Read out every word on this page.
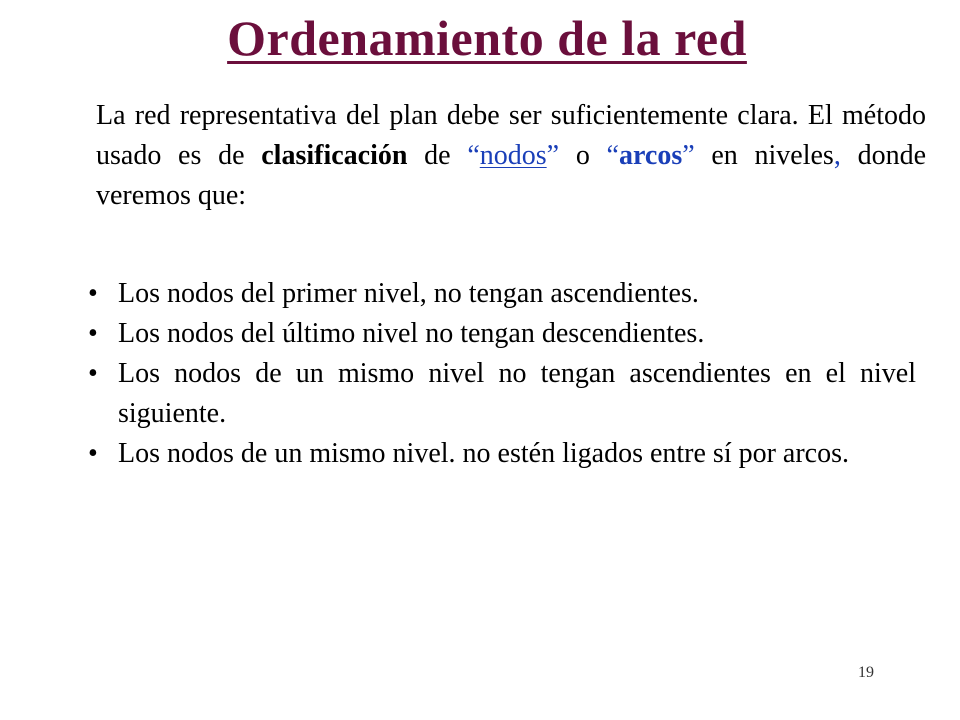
Ordenamiento de la red
La red representativa del plan debe ser suficientemente clara. El método usado es de clasificación de “nodos” o “arcos” en niveles, donde veremos que:
• Los nodos del primer nivel, no tengan ascendientes.
• Los nodos del último nivel no tengan descendientes.
• Los nodos de un mismo nivel no tengan ascendientes en el nivel siguiente.
• Los nodos de un mismo nivel. no estén ligados entre sí por arcos.
19
